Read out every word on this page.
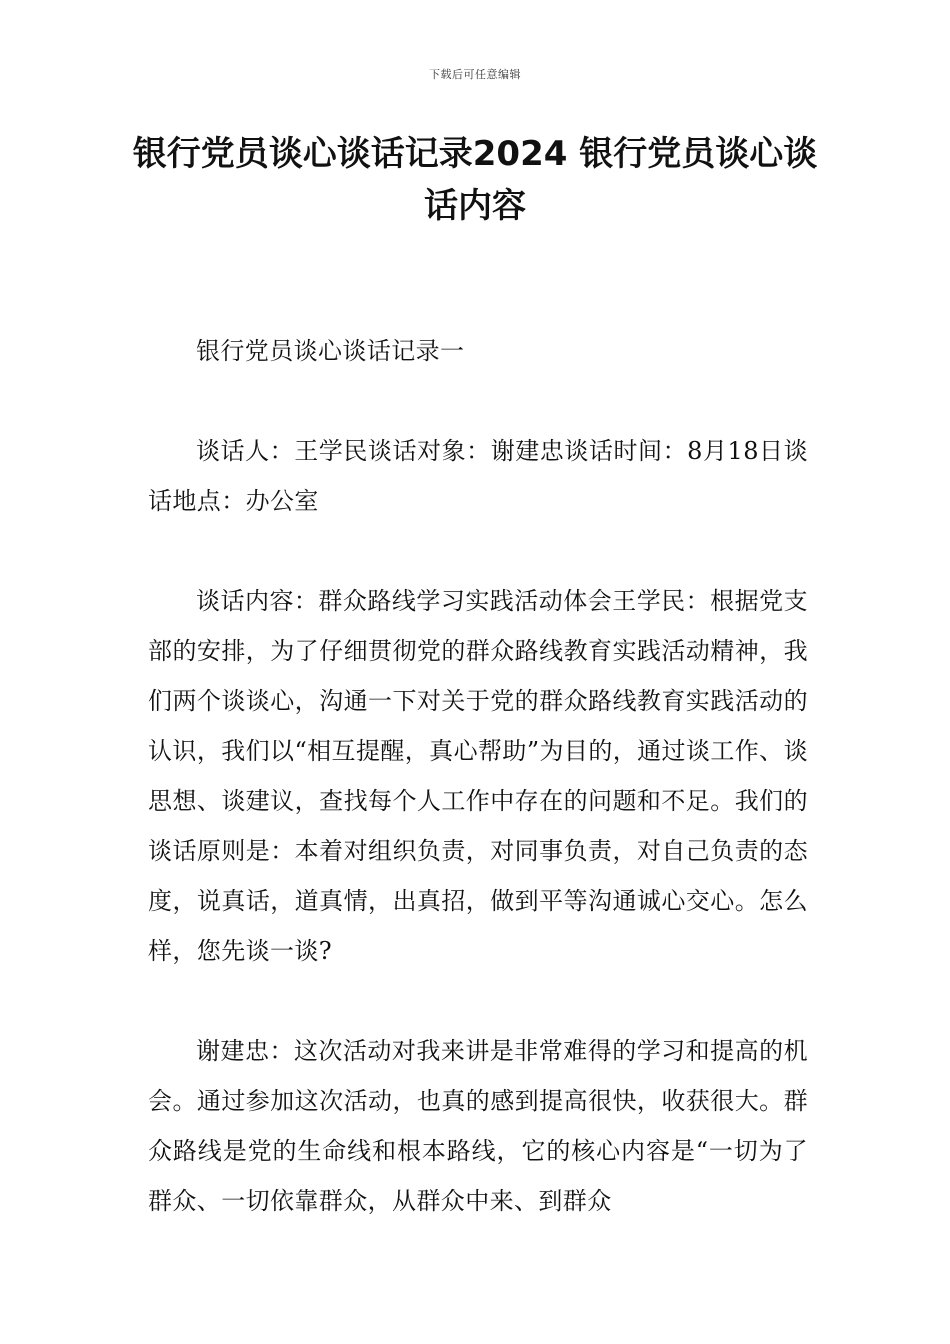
下载后可任意编辑
银行党员谈心谈话记录2024 银行党员谈心谈话内容

银行党员谈心谈话记录一

谈话人：王学民谈话对象：谢建忠谈话时间：8月18日谈话地点：办公室

谈话内容：群众路线学习实践活动体会王学民：根据党支部的安排，为了仔细贯彻党的群众路线教育实践活动精神，我们两个谈谈心，沟通一下对关于党的群众路线教育实践活动的认识，我们以“相互提醒，真心帮助”为目的，通过谈工作、谈思想、谈建议，查找每个人工作中存在的问题和不足。我们的谈话原则是：本着对组织负责，对同事负责，对自己负责的态度，说真话，道真情，出真招，做到平等沟通诚心交心。怎么样，您先谈一谈?

谢建忠：这次活动对我来讲是非常难得的学习和提高的机会。通过参加这次活动，也真的感到提高很快，收获很大。群众路线是党的生命线和根本路线，它的核心内容是“一切为了群众、一切依靠群众，从群众中来、到群众
